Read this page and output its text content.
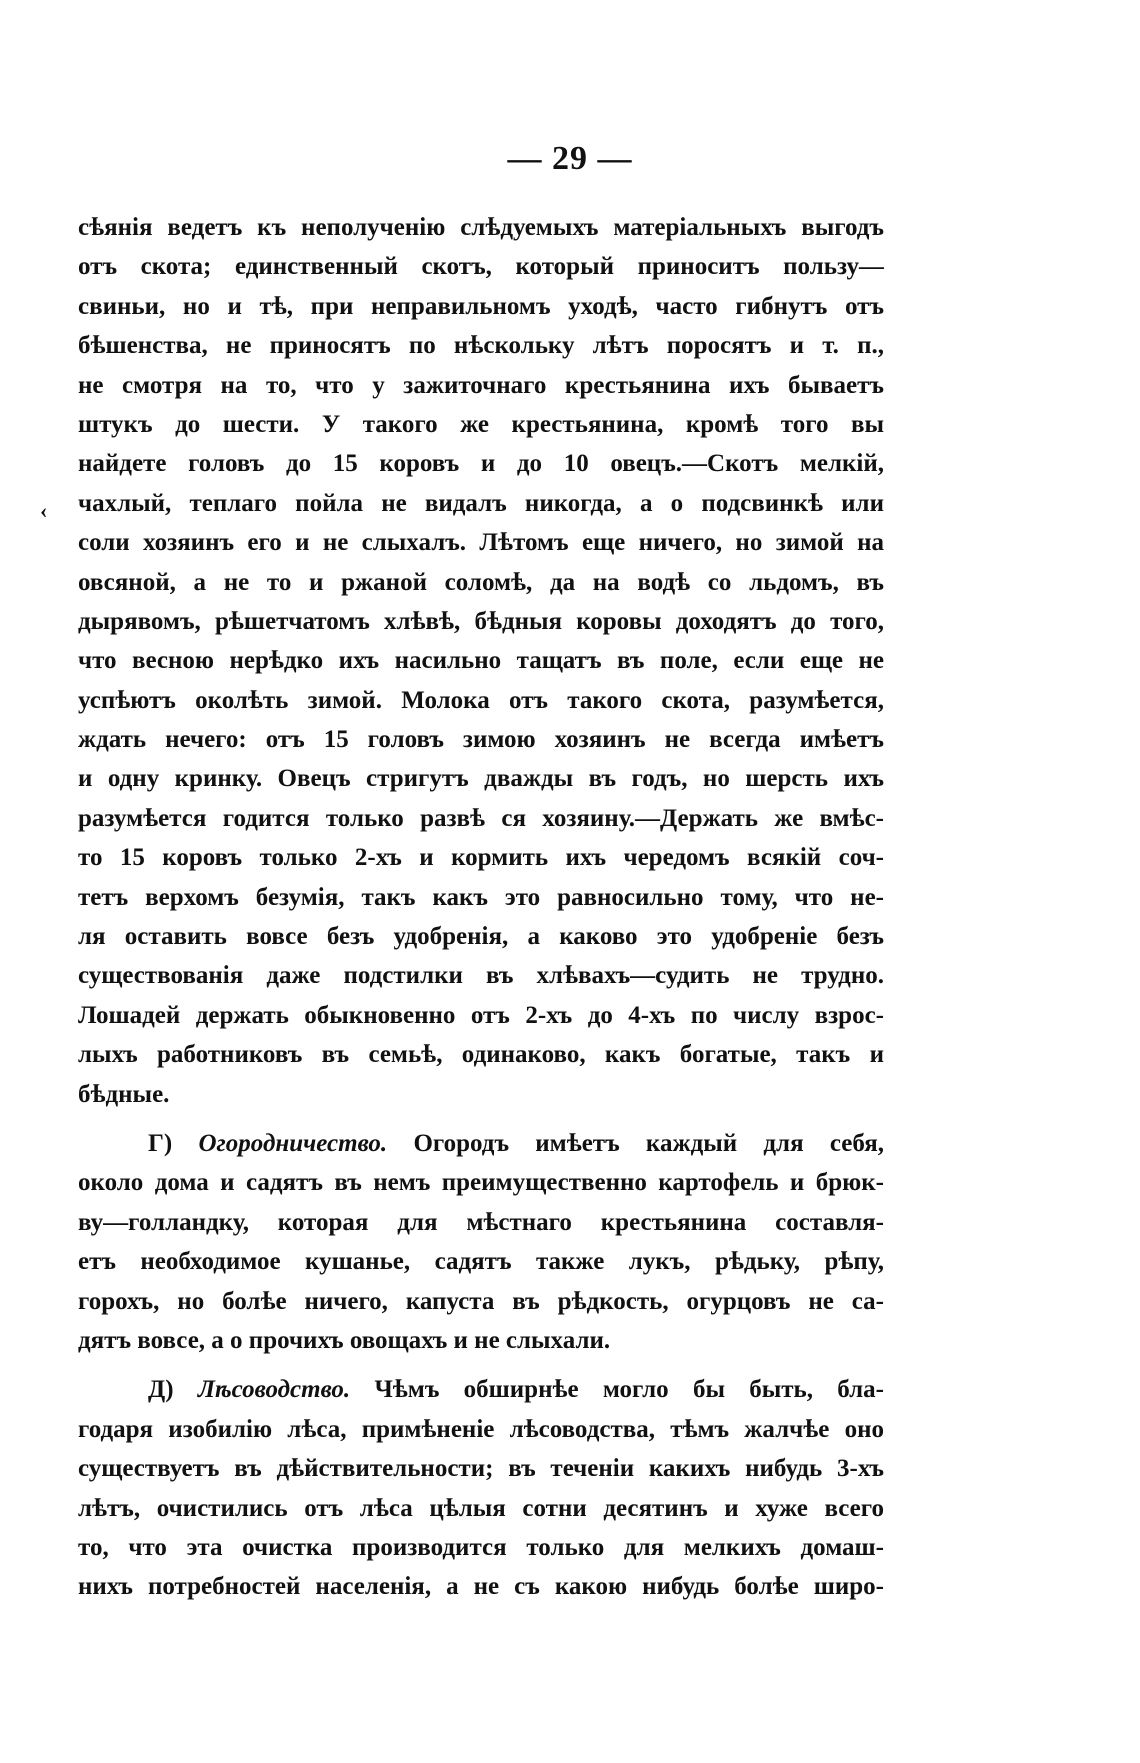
— 29 —
‹
сѣянія ведетъ къ неполученію слѣдуемыхъ матеріальныхъ выгодъ
отъ скота; единственный скотъ, который приноситъ пользу—
свиньи, но и тѣ, при неправильномъ уходѣ, часто гибнутъ отъ
бѣшенства, не приносятъ по нѣскольку лѣтъ поросятъ и т. п.,
не смотря на то, что у зажиточнаго крестьянина ихъ бываетъ
штукъ до шести. У такого же крестьянина, кромѣ того вы
найдете головъ до 15 коровъ и до 10 овецъ.—Скотъ мелкій,
чахлый, теплаго пойла не видалъ никогда, а о подсвинкѣ или
соли хозяинъ его и не слыхалъ. Лѣтомъ еще ничего, но зимой на
овсяной, а не то и ржаной соломѣ, да на водѣ со льдомъ, въ
дырявомъ, рѣшетчатомъ хлѣвѣ, бѣдныя коровы доходятъ до того,
что весною нерѣдко ихъ насильно тащатъ въ поле, если еще не
успѣютъ околѣть зимой. Молока отъ такого скота, разумѣется,
ждать нечего: отъ 15 головъ зимою хозяинъ не всегда имѣетъ
и одну кринку. Овецъ стригутъ дважды въ годъ, но шерсть ихъ
разумѣется годится только развѣ ся хозяину.—Держать же вмѣс-
то 15 коровъ только 2-хъ и кормить ихъ чередомъ всякій соч-
тетъ верхомъ безумія, такъ какъ это равносильно тому, что не-
ля оставить вовсе безъ удобренія, а каково это удобреніе безъ
существованія даже подстилки въ хлѣвахъ—судить не трудно.
Лошадей держать обыкновенно отъ 2-хъ до 4-хъ по числу взрос-
лыхъ работниковъ въ семьѣ, одинаково, какъ богатые, такъ и
бѣдные.
Г) Огородничество. Огородъ имѣетъ каждый для себя,
около дома и садятъ въ немъ преимущественно картофель и брюк-
ву—голландку, которая для мѣстнаго крестьянина составля-
етъ необходимое кушанье, садятъ также лукъ, рѣдьку, рѣпу,
горохъ, но болѣе ничего, капуста въ рѣдкость, огурцовъ не са-
дятъ вовсе, а о прочихъ овощахъ и не слыхали.
Д) Лѣсоводство. Чѣмъ обширнѣе могло бы быть, бла-
годаря изобилію лѣса, примѣненіе лѣсоводства, тѣмъ жалчѣе оно
существуетъ въ дѣйствительности; въ теченіи какихъ нибудь 3-хъ
лѣтъ, очистились отъ лѣса цѣлыя сотни десятинъ и хуже всего
то, что эта очистка производится только для мелкихъ домаш-
нихъ потребностей населенія, а не съ какою нибудь болѣе широ-
